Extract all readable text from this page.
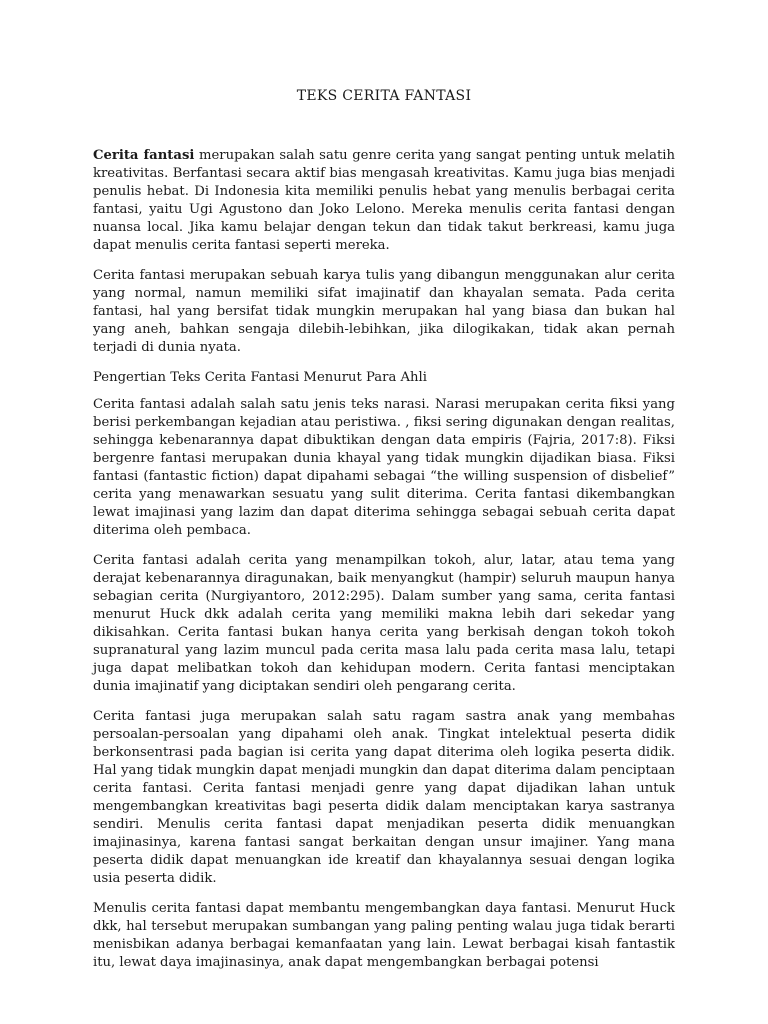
TEKS CERITA FANTASI

Cerita fantasi merupakan salah satu genre cerita yang sangat penting untuk melatih kreativitas. Berfantasi secara aktif bias mengasah kreativitas. Kamu juga bias menjadi penulis hebat. Di Indonesia kita memiliki penulis hebat yang menulis berbagai cerita fantasi, yaitu Ugi Agustono dan Joko Lelono. Mereka menulis cerita fantasi dengan nuansa local. Jika kamu belajar dengan tekun dan tidak takut berkreasi, kamu juga dapat menulis cerita fantasi seperti mereka.

Cerita fantasi merupakan sebuah karya tulis yang dibangun menggunakan alur cerita yang normal, namun memiliki sifat imajinatif dan khayalan semata. Pada cerita fantasi, hal yang bersifat tidak mungkin merupakan hal yang biasa dan bukan hal yang aneh, bahkan sengaja dilebih-lebihkan, jika dilogikakan, tidak akan pernah terjadi di dunia nyata.

Pengertian Teks Cerita Fantasi Menurut Para Ahli

Cerita fantasi adalah salah satu jenis teks narasi. Narasi merupakan cerita fiksi yang berisi perkembangan kejadian atau peristiwa. , fiksi sering digunakan dengan realitas, sehingga kebenarannya dapat dibuktikan dengan data empiris (Fajria, 2017:8). Fiksi bergenre fantasi merupakan dunia khayal yang tidak mungkin dijadikan biasa. Fiksi fantasi (fantastic fiction) dapat dipahami sebagai “the willing suspension of disbelief” cerita yang menawarkan sesuatu yang sulit diterima. Cerita fantasi dikembangkan lewat imajinasi yang lazim dan dapat diterima sehingga sebagai sebuah cerita dapat diterima oleh pembaca.

Cerita fantasi adalah cerita yang menampilkan tokoh, alur, latar, atau tema yang derajat kebenarannya diragunakan, baik menyangkut (hampir) seluruh maupun hanya sebagian cerita (Nurgiyantoro, 2012:295). Dalam sumber yang sama, cerita fantasi menurut Huck dkk adalah cerita yang memiliki makna lebih dari sekedar yang dikisahkan. Cerita fantasi bukan hanya cerita yang berkisah dengan tokoh tokoh supranatural yang lazim muncul pada cerita masa lalu pada cerita masa lalu, tetapi juga dapat melibatkan tokoh dan kehidupan modern. Cerita fantasi menciptakan dunia imajinatif yang diciptakan sendiri oleh pengarang cerita.

Cerita fantasi juga merupakan salah satu ragam sastra anak yang membahas persoalan-persoalan yang dipahami oleh anak. Tingkat intelektual peserta didik berkonsentrasi pada bagian isi cerita yang dapat diterima oleh logika peserta didik. Hal yang tidak mungkin dapat menjadi mungkin dan dapat diterima dalam penciptaan cerita fantasi. Cerita fantasi menjadi genre yang dapat dijadikan lahan untuk mengembangkan kreativitas bagi peserta didik dalam menciptakan karya sastranya sendiri. Menulis cerita fantasi dapat menjadikan peserta didik menuangkan imajinasinya, karena fantasi sangat berkaitan dengan unsur imajiner. Yang mana peserta didik dapat menuangkan ide kreatif dan khayalannya sesuai dengan logika usia peserta didik.

Menulis cerita fantasi dapat membantu mengembangkan daya fantasi. Menurut Huck dkk, hal tersebut merupakan sumbangan yang paling penting walau juga tidak berarti menisbikan adanya berbagai kemanfaatan yang lain. Lewat berbagai kisah fantastik itu, lewat daya imajinasinya, anak dapat mengembangkan berbagai potensi
